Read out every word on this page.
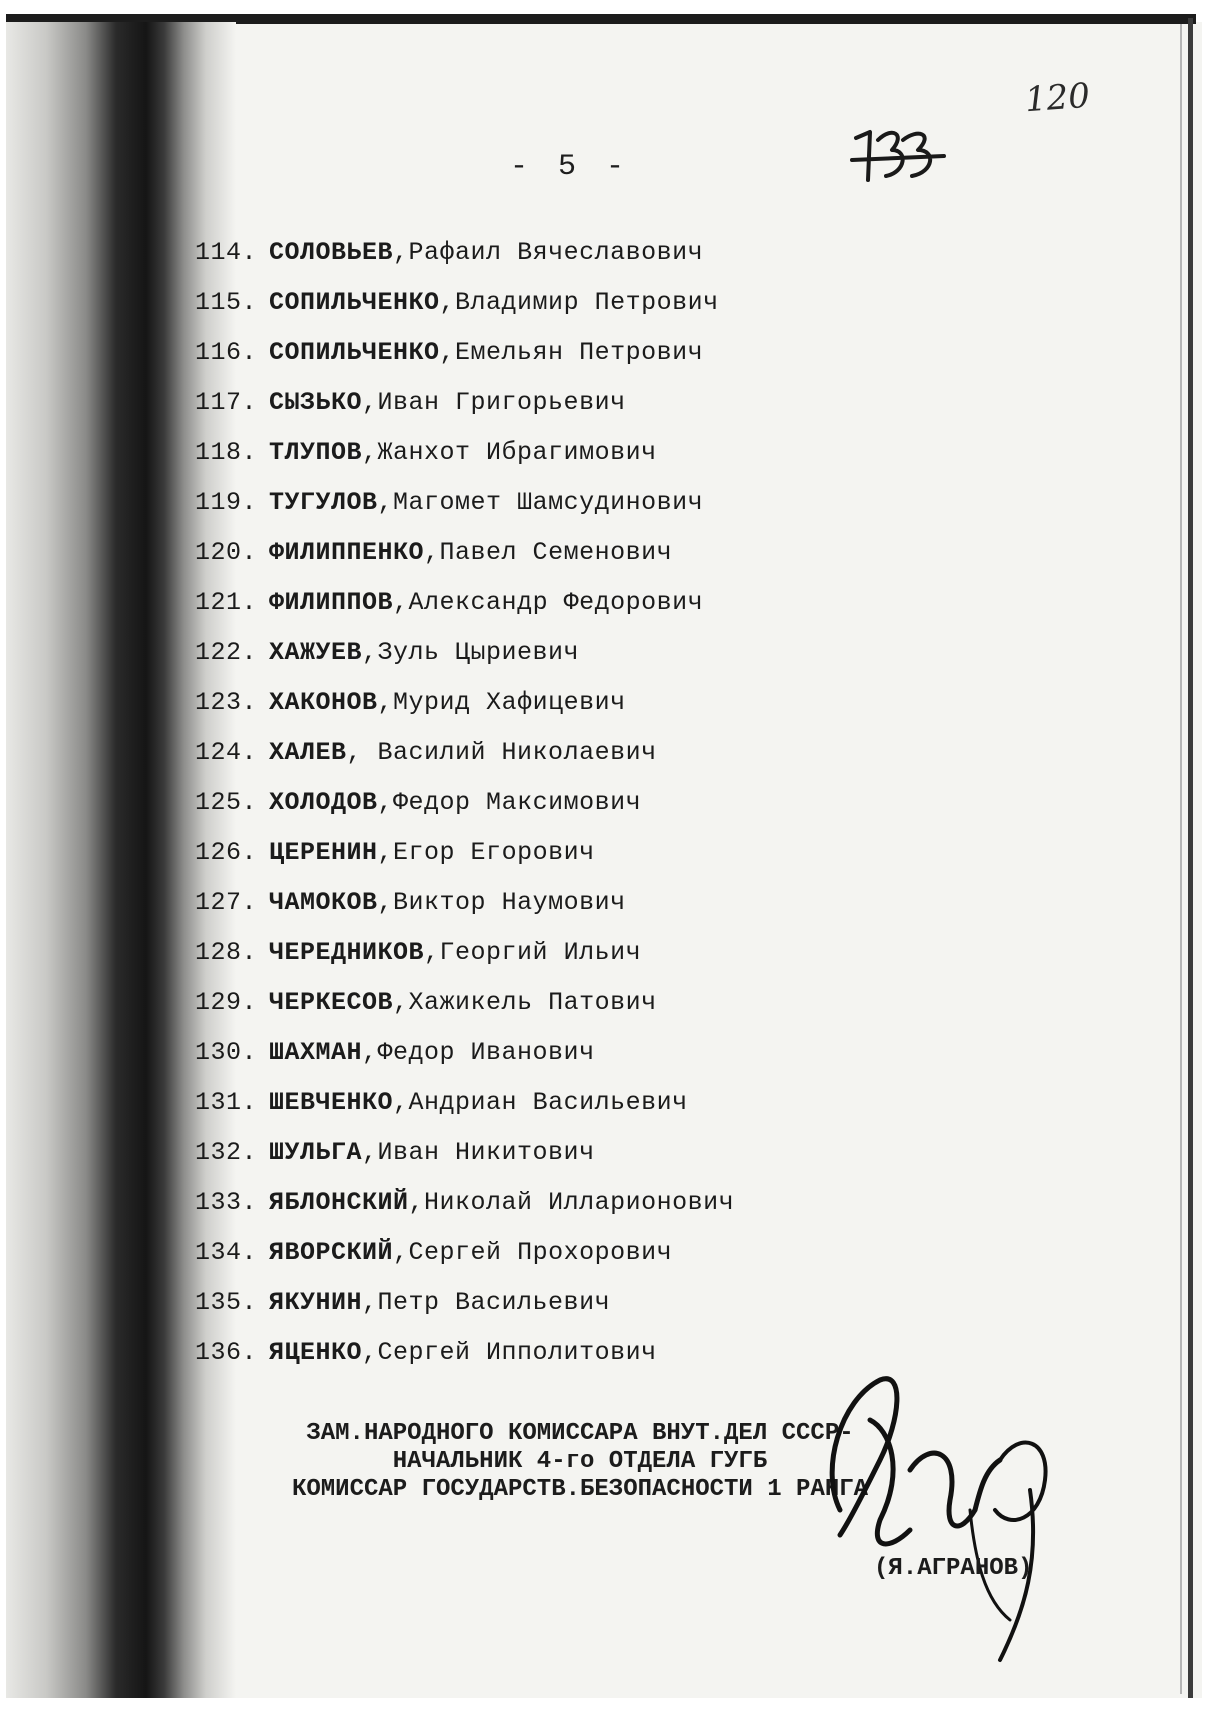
120
- 5 -
114. СОЛОВЬЕВ,Рафаил Вячеславович
115. СОПИЛЬЧЕНКО,Владимир Петрович
116. СОПИЛЬЧЕНКО,Емельян Петрович
117. СЫЗЬКО,Иван Григорьевич
118. ТЛУПОВ,Жанхот Ибрагимович
119. ТУГУЛОВ,Магомет Шамсудинович
120. ФИЛИППЕНКО,Павел Семенович
121. ФИЛИППОВ,Александр Федорович
122. ХАЖУЕВ,Зуль Цыриевич
123. ХАКОНОВ,Мурид Хафицевич
124. ХАЛЕВ, Василий Николаевич
125. ХОЛОДОВ,Федор Максимович
126. ЦЕРЕНИН,Егор Егорович
127. ЧАМОКОВ,Виктор Наумович
128. ЧЕРЕДНИКОВ,Георгий Ильич
129. ЧЕРКЕСОВ,Хажикель Патович
130. ШАХМАН,Федор Иванович
131. ШЕВЧЕНКО,Андриан Васильевич
132. ШУЛЬГА,Иван Никитович
133. ЯБЛОНСКИЙ,Николай Илларионович
134. ЯВОРСКИЙ,Сергей Прохорович
135. ЯКУНИН,Петр Васильевич
136. ЯЦЕНКО,Сергей Ипполитович
ЗАМ.НАРОДНОГО КОМИССАРА ВНУТ.ДЕЛ СССР-
НАЧАЛЬНИК 4-го ОТДЕЛА ГУГБ
КОМИССАР ГОСУДАРСТВ.БЕЗОПАСНОСТИ 1 РАНГА
(Я.АГРАНОВ)
